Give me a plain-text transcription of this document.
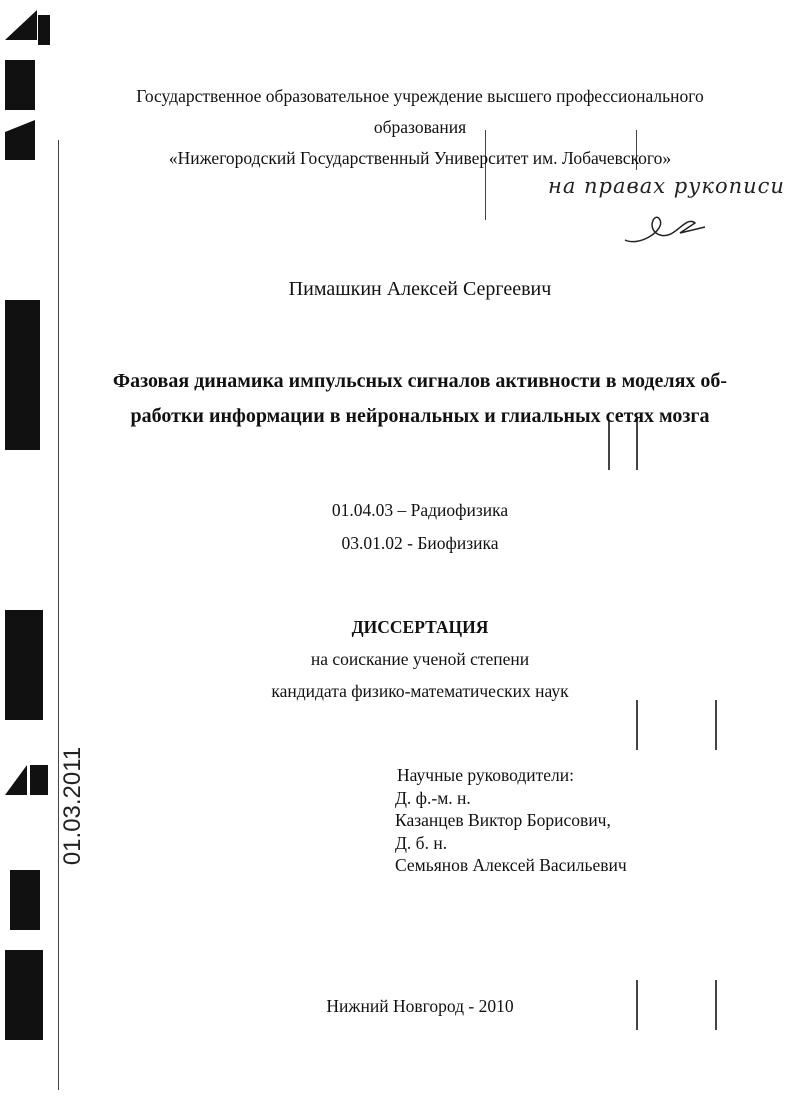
01.03.2011
Государственное образовательное учреждение высшего профессионального
образования
«Нижегородский Государственный Университет им. Лобачевского»
на правах рукописи
Пимашкин Алексей Сергеевич
Фазовая динамика импульсных сигналов активности в моделях об-
работки информации в нейрональных и глиальных сетях мозга
01.04.03 – Радиофизика
03.01.02 - Биофизика
ДИССЕРТАЦИЯ
на соискание ученой степени
кандидата физико-математических наук
Научные руководители:
Д. ф.-м. н.
Казанцев Виктор Борисович,
Д. б. н.
Семьянов Алексей Васильевич
Нижний Новгород - 2010
